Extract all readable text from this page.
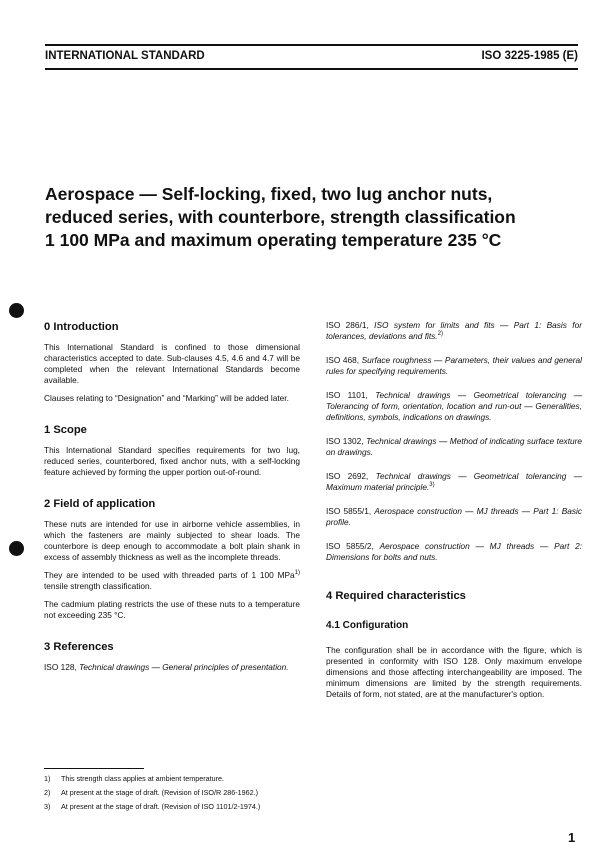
INTERNATIONAL STANDARD	ISO 3225-1985 (E)
Aerospace — Self-locking, fixed, two lug anchor nuts,
reduced series, with counterbore, strength classification
1 100 MPa and maximum operating temperature 235 °C
0 Introduction
This International Standard is confined to those dimensional characteristics accepted to date. Sub-clauses 4.5, 4.6 and 4.7 will be completed when the relevant International Standards become available.
Clauses relating to “Designation” and “Marking” will be added later.
1 Scope
This International Standard specifies requirements for two lug, reduced series, counterbored, fixed anchor nuts, with a self-locking feature achieved by forming the upper portion out-of-round.
2 Field of application
These nuts are intended for use in airborne vehicle assemblies, in which the fasteners are mainly subjected to shear loads. The counterbore is deep enough to accommodate a bolt plain shank in excess of assembly thickness as well as the incomplete threads.
They are intended to be used with threaded parts of 1 100 MPa$^{1)}$ tensile strength classification.
The cadmium plating restricts the use of these nuts to a temperature not exceeding 235 °C.
3 References
ISO 128, Technical drawings — General principles of presentation.
ISO 286/1, ISO system for limits and fits — Part 1: Basis for tolerances, deviations and fits.$^{2)}$
ISO 468, Surface roughness — Parameters, their values and general rules for specifying requirements.
ISO 1101, Technical drawings — Geometrical tolerancing — Tolerancing of form, orientation, location and run-out — Generalities, definitions, symbols, indications on drawings.
ISO 1302, Technical drawings — Method of indicating surface texture on drawings.
ISO 2692, Technical drawings — Geometrical tolerancing — Maximum material principle.$^{3)}$
ISO 5855/1, Aerospace construction — MJ threads — Part 1: Basic profile.
ISO 5855/2, Aerospace construction — MJ threads — Part 2: Dimensions for bolts and nuts.
4 Required characteristics
4.1 Configuration
The configuration shall be in accordance with the figure, which is presented in conformity with ISO 128. Only maximum envelope dimensions and those affecting interchangeability are imposed. The minimum dimensions are limited by the strength requirements. Details of form, not stated, are at the manufacturer's option.
1) This strength class applies at ambient temperature.
2) At present at the stage of draft. (Revision of ISO/R 286-1962.)
3) At present at the stage of draft. (Revision of ISO 1101/2-1974.)
1
